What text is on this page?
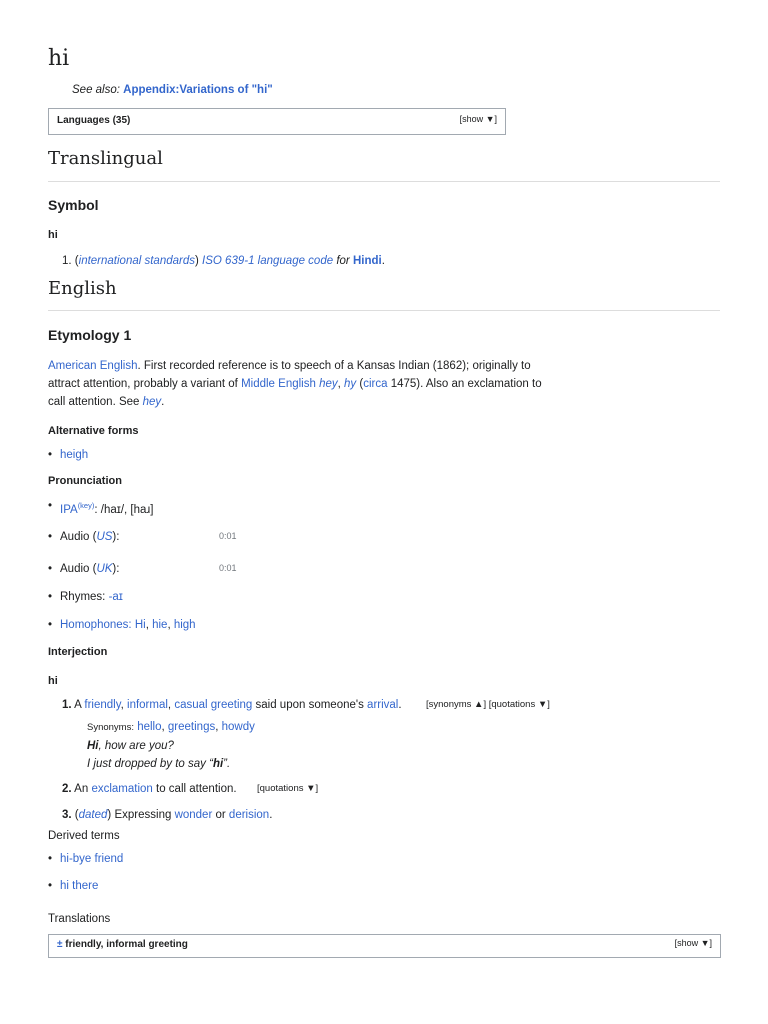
hi
See also: Appendix:Variations of "hi"
Languages (35)	[show ▼]
Translingual
Symbol
hi
1. (international standards) ISO 639-1 language code for Hindi.
English
Etymology 1
American English. First recorded reference is to speech of a Kansas Indian (1862); originally to
attract attention, probably a variant of Middle English hey, hy (circa 1475). Also an exclamation to
call attention. See hey.
Alternative forms
• heigh
Pronunciation
• $IPA^{(key)}$: /haɪ/, [haɹ]
• Audio (US):	0:01
• Audio (UK):	0:01
• Rhymes: -aɪ
• Homophones: Hi, hie, high
Interjection
hi
1. A friendly, informal, casual greeting said upon someone's arrival.	[synonyms ▲] [quotations ▼]
Synonyms: hello, greetings, howdy
Hi, how are you?
I just dropped by to say “hi”.
2. An exclamation to call attention. [quotations ▼]
3. (dated) Expressing wonder or derision.
Derived terms
• hi-bye friend
• hi there
Translations
± friendly, informal greeting	[show ▼]
